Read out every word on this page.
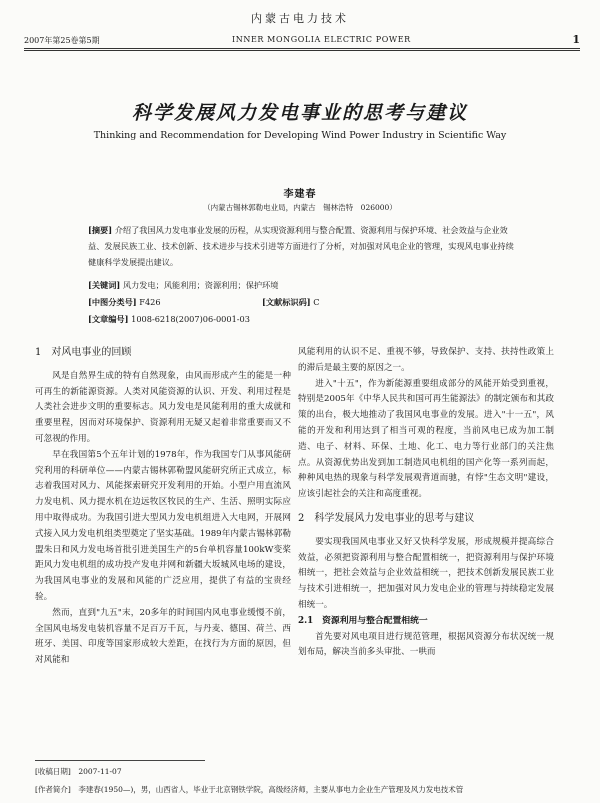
内蒙古电力技术
2007年第25卷第5期	INNER MONGOLIA ELECTRIC POWER	1
科学发展风力发电事业的思考与建议
Thinking and Recommendation for Developing Wind Power Industry in Scientific Way
李建春
（内蒙古锡林郭勒电业局，内蒙古　锡林浩特　026000）
[摘要] 介绍了我国风力发电事业发展的历程，从实现资源利用与整合配置、资源利用与保护环境、社会效益与企业效益、发展民族工业、技术创新、技术进步与技术引进等方面进行了分析，对加强对风电企业的管理，实现风电事业持续健康科学发展提出建议。
[关键词] 风力发电；风能利用；资源利用；保护环境
[中图分类号] F426	[文献标识码] C
[文章编号] 1008-6218(2007)06-0001-03
1　对风电事业的回顾

风是自然界生成的特有自然现象，由风而形成产生的能是一种可再生的新能源资源。人类对风能资源的认识、开发、利用过程是人类社会进步文明的重要标志。风力发电是风能利用的重大成就和重要里程，因而对环境保护、资源利用无疑又起着非常重要而又不可忽视的作用。

早在我国第5个五年计划的1978年，作为我国专门从事风能研究利用的科研单位——内蒙古锡林郭勒盟风能研究所正式成立，标志着我国对风力、风能探索研究开发利用的开始。小型户用直流风力发电机、风力提水机在边远牧区牧民的生产、生活、照明实际应用中取得成功。为我国引进大型风力发电机组进入大电网，开展网式接入风力发电机组类型奠定了坚实基础。1989年内蒙古锡林郭勒盟朱日和风力发电场首批引进美国生产的5台单机容量100kW变桨距风力发电机组的成功投产发电并网和新疆大坂城风电场的建设，为我国风电事业的发展和风能的广泛应用，提供了有益的宝贵经验。

然而，直到"九五"末，20多年的时间国内风电事业缓慢不前，全国风电场发电装机容量不足百万千瓦，与丹麦、德国、荷兰、西班牙、美国、印度等国家形成较大差距，在找行为方面的原因，但对风能和

风能利用的认识不足、重视不够，导致保护、支持、扶持性政策上的滞后是最主要的原因之一。

进入"十五"，作为新能源重要组成部分的风能开始受到重视，特别是2005年《中华人民共和国可再生能源法》的制定颁布和其政策的出台，极大地推动了我国风电事业的发展。进入"十一五"，风能的开发和利用达到了相当可观的程度，当前风电已成为加工制造、电子、材料、环保、土地、化工、电力等行业部门的关注焦点。从资源优势出发到加工制造风电机组的国产化等一系列而起，种种风电热的现象与科学发展观背道而驰，有悖"生态文明"建设，应该引起社会的关注和高度重视。

2　科学发展风力发电事业的思考与建议

要实现我国风电事业又好又快科学发展，形成规模并提高综合效益，必须把资源利用与整合配置相统一，把资源利用与保护环境相统一，把社会效益与企业效益相统一，把技术创新发展民族工业与技术引进相统一，把加强对风力发电企业的管理与持续稳定发展相统一。

2.1　资源利用与整合配置相统一

首先要对风电项目进行规范管理，根据风资源分布状况统一规划布局，解决当前多头审批、一哄而

[收稿日期]　2007-11-07
[作者简介]　李建春(1950—)，男，山西省人，毕业于北京钢铁学院，高级经济师，主要从事电力企业生产管理及风力发电技术管
